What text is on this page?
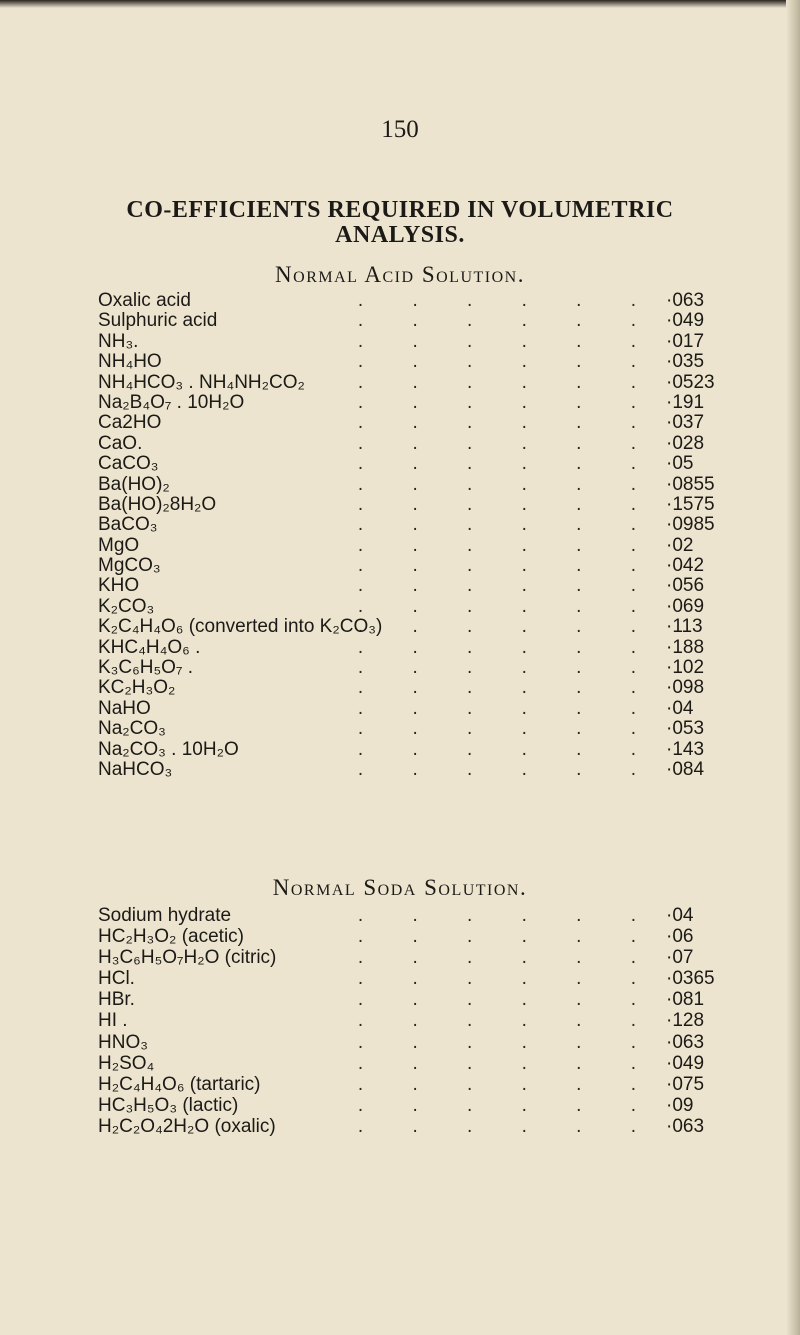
150
CO-EFFICIENTS REQUIRED IN VOLUMETRIC
ANALYSIS.
Normal Acid Solution.
. . . . . .
Oxalic acid	·063
. . . . . .
Sulphuric acid	·049
. . . . . .
NH₃.	·017
. . . . . .
NH₄HO	·035
. . . . . .
NH₄HCO₃ . NH₄NH₂CO₂	·0523
. . . . . .
Na₂B₄O₇ . 10H₂O	·191
. . . . . .
Ca2HO	·037
. . . . . .
CaO.	·028
. . . . . .
CaCO₃	·05
. . . . . .
Ba(HO)₂	·0855
. . . . . .
Ba(HO)₂8H₂O	·1575
. . . . . .
BaCO₃	·0985
. . . . . .
MgO	·02
. . . . . .
MgCO₃	·042
. . . . . .
KHO	·056
. . . . . .
K₂CO₃	·069
. . . . . .
K₂C₄H₄O₆ (converted into K₂CO₃)	·113
. . . . . .
KHC₄H₄O₆ .	·188
. . . . . .
K₃C₆H₅O₇ .	·102
. . . . . .
KC₂H₃O₂	·098
. . . . . .
NaHO	·04
. . . . . .
Na₂CO₃	·053
. . . . . .
Na₂CO₃ . 10H₂O	·143
. . . . . .
NaHCO₃	·084
Normal Soda Solution.
. . . . . .
Sodium hydrate	·04
. . . . . .
HC₂H₃O₂ (acetic)	·06
. . . . . .
H₃C₆H₅O₇H₂O (citric)	·07
. . . . . .
HCl.	·0365
. . . . . .
HBr.	·081
. . . . . .
HI .	·128
. . . . . .
HNO₃	·063
. . . . . .
H₂SO₄	·049
. . . . . .
H₂C₄H₄O₆ (tartaric)	·075
. . . . . .
HC₃H₅O₃ (lactic)	·09
. . . . . .
H₂C₂O₄2H₂O (oxalic)	·063
